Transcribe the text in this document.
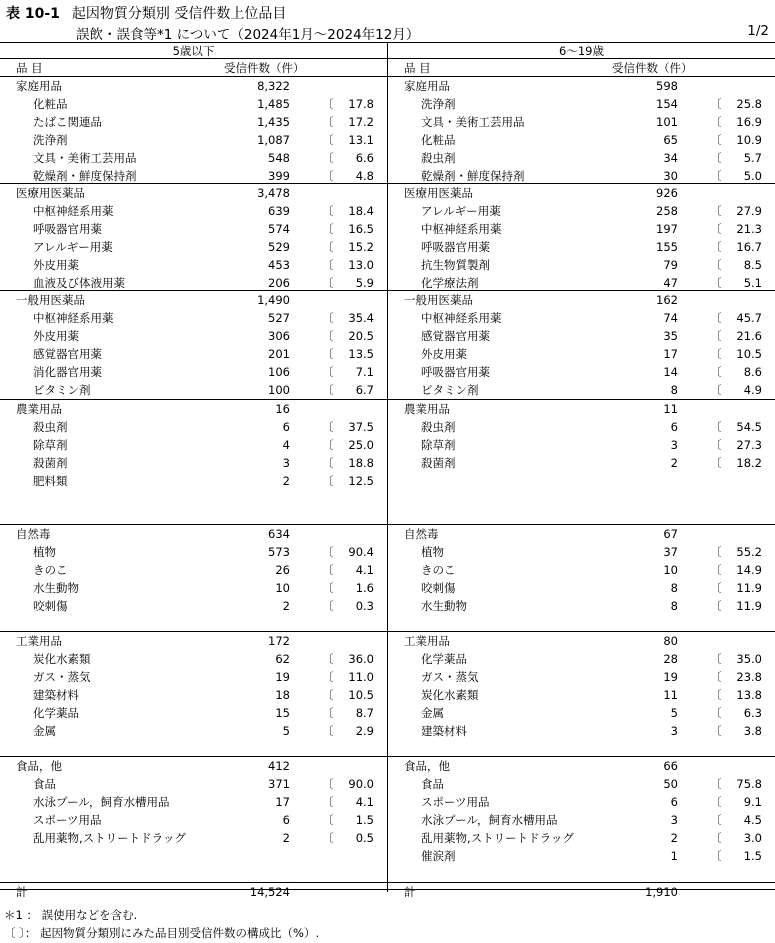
表 10-1 起因物質分類別 受信件数上位品目
誤飲・誤食等*1 について（2024年1月～2024年12月）	1/2
5歳以下
品 目	受信件数（件）
家庭用品	8,322
化粧品	1,485	〔 17.8
たばこ関連品	1,435	〔 17.2
洗浄剤	1,087	〔 13.1
文具・美術工芸用品	548	〔 6.6
乾燥剤・鮮度保持剤	399	〔 4.8
医療用医薬品	3,478
中枢神経系用薬	639	〔 18.4
呼吸器官用薬	574	〔 16.5
アレルギー用薬	529	〔 15.2
外皮用薬	453	〔 13.0
血液及び体液用薬	206	〔 5.9
一般用医薬品	1,490
中枢神経系用薬	527	〔 35.4
外皮用薬	306	〔 20.5
感覚器官用薬	201	〔 13.5
消化器官用薬	106	〔 7.1
ビタミン剤	100	〔 6.7
農業用品	16
殺虫剤	6	〔 37.5
除草剤	4	〔 25.0
殺菌剤	3	〔 18.8
肥料類	2	〔 12.5
自然毒	634
植物	573	〔 90.4
きのこ	26	〔 4.1
水生動物	10	〔 1.6
咬刺傷	2	〔 0.3
工業用品	172
炭化水素類	62	〔 36.0
ガス・蒸気	19	〔 11.0
建築材料	18	〔 10.5
化学薬品	15	〔 8.7
金属	5	〔 2.9
食品，他	412
食品	371	〔 90.0
水泳プール，飼育水槽用品	17	〔 4.1
スポーツ用品	6	〔 1.5
乱用薬物,ストリートドラッグ	2	〔 0.5
計	14,524
6～19歳
品 目	受信件数（件）
家庭用品	598
洗浄剤	154	〔 25.8
文具・美術工芸用品	101	〔 16.9
化粧品	65	〔 10.9
殺虫剤	34	〔 5.7
乾燥剤・鮮度保持剤	30	〔 5.0
医療用医薬品	926
アレルギー用薬	258	〔 27.9
中枢神経系用薬	197	〔 21.3
呼吸器官用薬	155	〔 16.7
抗生物質製剤	79	〔 8.5
化学療法剤	47	〔 5.1
一般用医薬品	162
中枢神経系用薬	74	〔 45.7
感覚器官用薬	35	〔 21.6
外皮用薬	17	〔 10.5
呼吸器官用薬	14	〔 8.6
ビタミン剤	8	〔 4.9
農業用品	11
殺虫剤	6	〔 54.5
除草剤	3	〔 27.3
殺菌剤	2	〔 18.2
自然毒	67
植物	37	〔 55.2
きのこ	10	〔 14.9
咬刺傷	8	〔 11.9
水生動物	8	〔 11.9
工業用品	80
化学薬品	28	〔 35.0
ガス・蒸気	19	〔 23.8
炭化水素類	11	〔 13.8
金属	5	〔 6.3
建築材料	3	〔 3.8
食品，他	66
食品	50	〔 75.8
スポーツ用品	6	〔 9.1
水泳プール，飼育水槽用品	3	〔 4.5
乱用薬物,ストリートドラッグ	2	〔 3.0
催涙剤	1	〔 1.5
計	1,910
＊1 ： 誤使用などを含む.
〔 〕： 起因物質分類別にみた品目別受信件数の構成比（%）.
